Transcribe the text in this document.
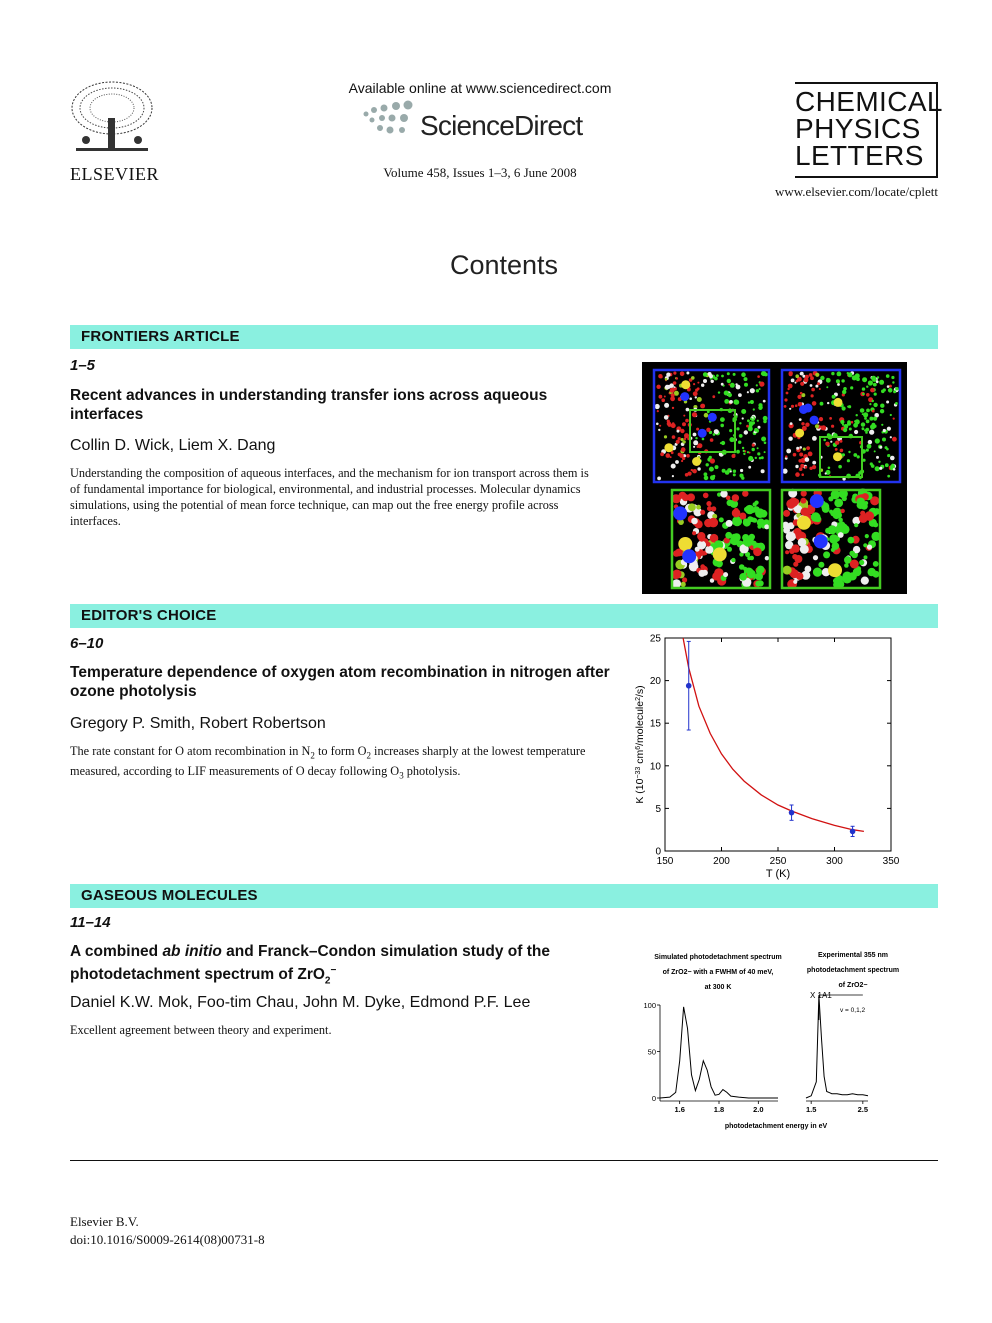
ELSEVIER
Available online at www.sciencedirect.com
ScienceDirect
Volume 458, Issues 1–3, 6 June 2008
CHEMICAL
PHYSICS
LETTERS
www.elsevier.com/locate/cplett
Contents
FRONTIERS ARTICLE
1–5
Recent advances in understanding transfer ions across aqueous interfaces
Collin D. Wick, Liem X. Dang
Understanding the composition of aqueous interfaces, and the mechanism for ion transport across them is of fundamental importance for biological, environmental, and industrial processes. Molecular dynamics simulations, using the potential of mean force technique, can map out the free energy profile across interfaces.
EDITOR'S CHOICE
6–10
Temperature dependence of oxygen atom recombination in nitrogen after ozone photolysis
Gregory P. Smith, Robert Robertson
The rate constant for O atom recombination in $N_2$ to form $O_2$ increases sharply at the lowest temperature measured, according to LIF measurements of O decay following $O_3$ photolysis.
150	200	250	300	350
0
5
10
15
20
25
T (K)
K ($10^{-33}$ $cm^6/molecule^2/s$)
GASEOUS MOLECULES
11–14
A combined ab initio and Franck–Condon simulation study of the photodetachment spectrum of ZrO$_2$−
Daniel K.W. Mok, Foo-tim Chau, John M. Dyke, Edmond P.F. Lee
Excellent agreement between theory and experiment.
0
50
100
1.6	1.8	2.0
Simulated photodetachment spectrum
of ZrO2− with a FWHM of 40 meV,
at 300 K
1.5	2.5
Experimental 355 nm
photodetachment spectrum
of ZrO2−
X 1A1
v = 0,1,2
photodetachment energy in eV
Elsevier B.V.
doi:10.1016/S0009-2614(08)00731-8
